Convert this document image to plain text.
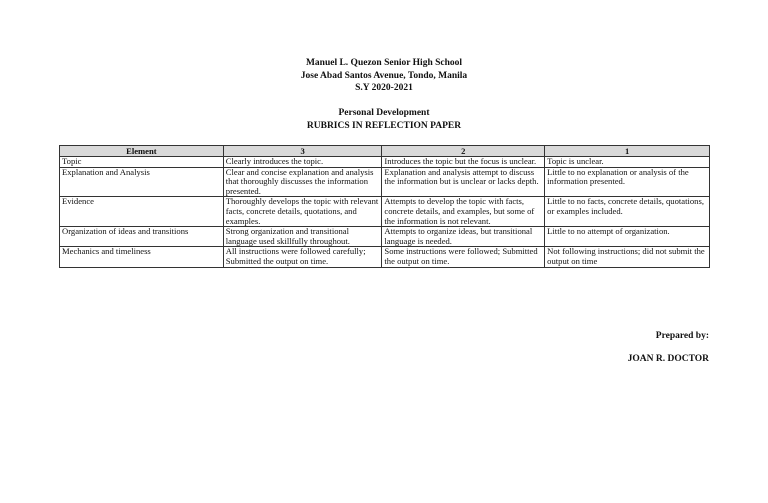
Manuel L. Quezon Senior High School
Jose Abad Santos Avenue, Tondo, Manila
S.Y 2020-2021
Personal Development
RUBRICS IN REFLECTION PAPER
Element	3	2	1
Topic	Clearly introduces the topic.	Introduces the topic but the focus is unclear.	Topic is unclear.
Explanation and Analysis	Clear and concise explanation and analysis that thoroughly discusses the information presented.	Explanation and analysis attempt to discuss the information but is unclear or lacks depth.	Little to no explanation or analysis of the information presented.
Evidence	Thoroughly develops the topic with relevant facts, concrete details, quotations, and examples.	Attempts to develop the topic with facts, concrete details, and examples, but some of the information is not relevant.	Little to no facts, concrete details, quotations, or examples included.
Organization of ideas and transitions	Strong organization and transitional language used skillfully throughout.	Attempts to organize ideas, but transitional language is needed.	Little to no attempt of organization.
Mechanics and timeliness	All instructions were followed carefully; Submitted the output on time.	Some instructions were followed; Submitted the output on time.	Not following instructions; did not submit the output on time
Prepared by:
JOAN R. DOCTOR
